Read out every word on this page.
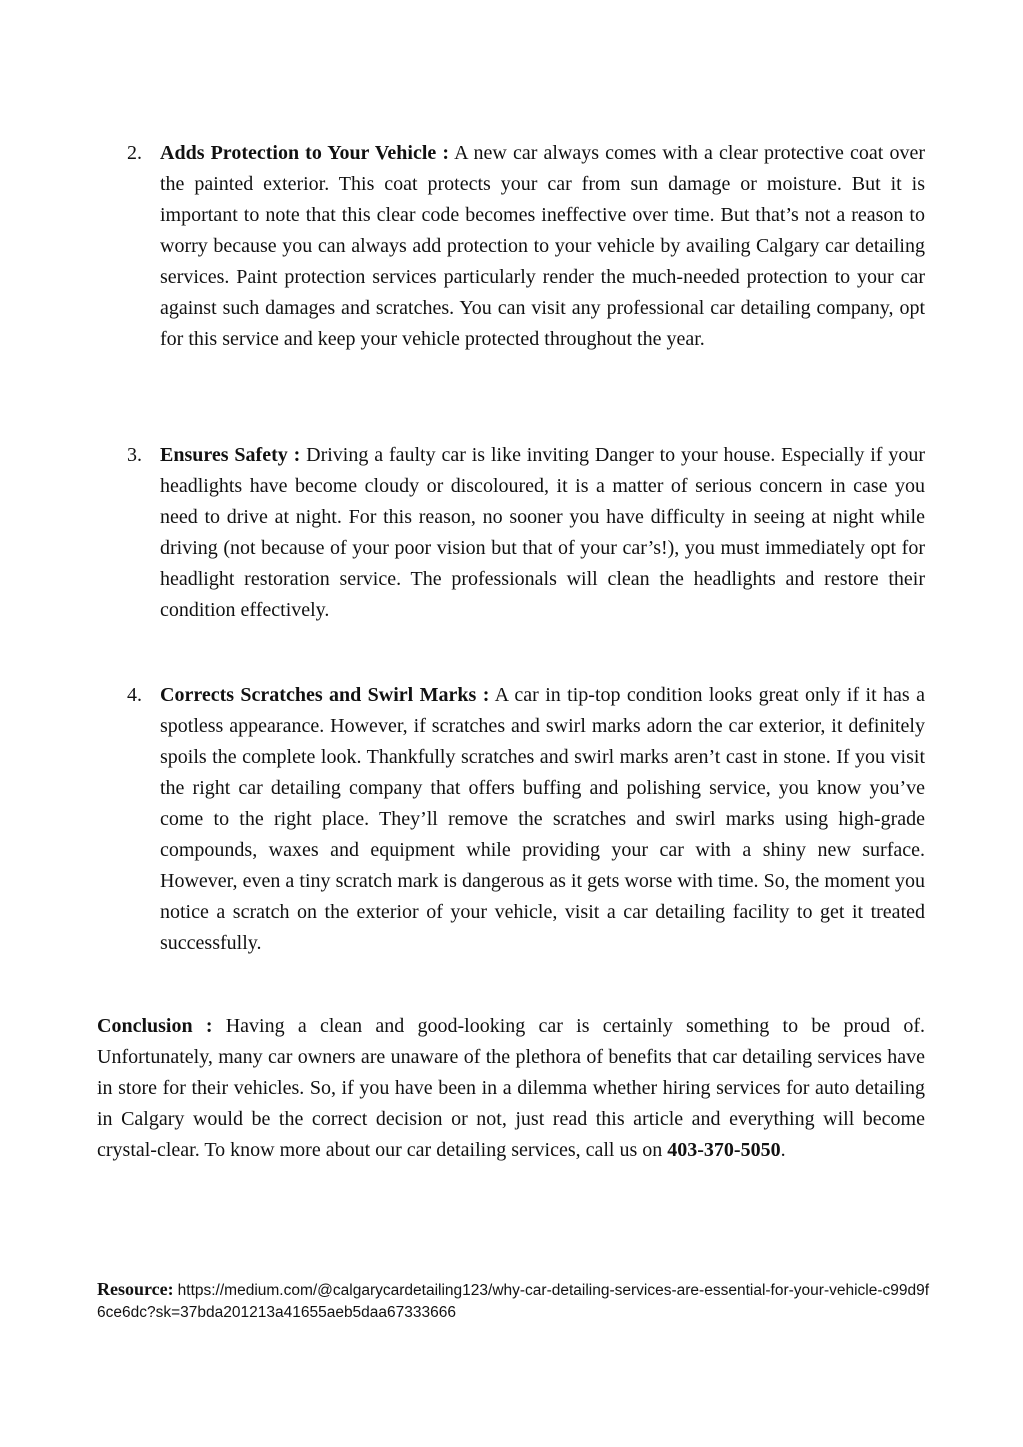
2. Adds Protection to Your Vehicle : A new car always comes with a clear protective coat over the painted exterior. This coat protects your car from sun damage or moisture. But it is important to note that this clear code becomes ineffective over time. But that’s not a reason to worry because you can always add protection to your vehicle by availing Calgary car detailing services. Paint protection services particularly render the much-needed protection to your car against such damages and scratches. You can visit any professional car detailing company, opt for this service and keep your vehicle protected throughout the year.
3. Ensures Safety : Driving a faulty car is like inviting Danger to your house. Especially if your headlights have become cloudy or discoloured, it is a matter of serious concern in case you need to drive at night. For this reason, no sooner you have difficulty in seeing at night while driving (not because of your poor vision but that of your car’s!), you must immediately opt for headlight restoration service. The professionals will clean the headlights and restore their condition effectively.
4. Corrects Scratches and Swirl Marks : A car in tip-top condition looks great only if it has a spotless appearance. However, if scratches and swirl marks adorn the car exterior, it definitely spoils the complete look. Thankfully scratches and swirl marks aren’t cast in stone. If you visit the right car detailing company that offers buffing and polishing service, you know you’ve come to the right place. They’ll remove the scratches and swirl marks using high-grade compounds, waxes and equipment while providing your car with a shiny new surface. However, even a tiny scratch mark is dangerous as it gets worse with time. So, the moment you notice a scratch on the exterior of your vehicle, visit a car detailing facility to get it treated successfully.
Conclusion : Having a clean and good-looking car is certainly something to be proud of. Unfortunately, many car owners are unaware of the plethora of benefits that car detailing services have in store for their vehicles. So, if you have been in a dilemma whether hiring services for auto detailing in Calgary would be the correct decision or not, just read this article and everything will become crystal-clear. To know more about our car detailing services, call us on 403-370-5050.
Resource: https://medium.com/@calgarycardetailing123/why-car-detailing-services-are-essential-for-your-vehicle-c99d9f6ce6dc?sk=37bda201213a41655aeb5daa67333666
